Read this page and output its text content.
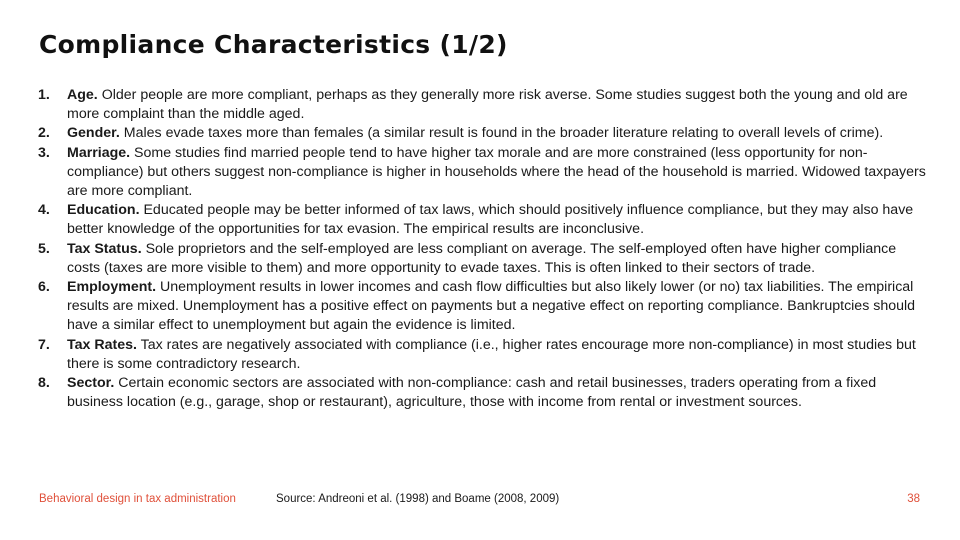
Compliance Characteristics (1/2)
1. Age. Older people are more compliant, perhaps as they generally more risk averse. Some studies suggest both the young and old are more complaint than the middle aged.
2. Gender. Males evade taxes more than females (a similar result is found in the broader literature relating to overall levels of crime).
3. Marriage. Some studies find married people tend to have higher tax morale and are more constrained (less opportunity for non-compliance) but others suggest non-compliance is higher in households where the head of the household is married. Widowed taxpayers are more compliant.
4. Education. Educated people may be better informed of tax laws, which should positively influence compliance, but they may also have better knowledge of the opportunities for tax evasion. The empirical results are inconclusive.
5. Tax Status. Sole proprietors and the self-employed are less compliant on average. The self-employed often have higher compliance costs (taxes are more visible to them) and more opportunity to evade taxes. This is often linked to their sectors of trade.
6. Employment. Unemployment results in lower incomes and cash flow difficulties but also likely lower (or no) tax liabilities. The empirical results are mixed. Unemployment has a positive effect on payments but a negative effect on reporting compliance. Bankruptcies should have a similar effect to unemployment but again the evidence is limited.
7. Tax Rates. Tax rates are negatively associated with compliance (i.e., higher rates encourage more non-compliance) in most studies but there is some contradictory research.
8. Sector. Certain economic sectors are associated with non-compliance: cash and retail businesses, traders operating from a fixed business location (e.g., garage, shop or restaurant), agriculture, those with income from rental or investment sources.
Behavioral design in tax administration	Source: Andreoni et al. (1998) and Boame (2008, 2009)	38
